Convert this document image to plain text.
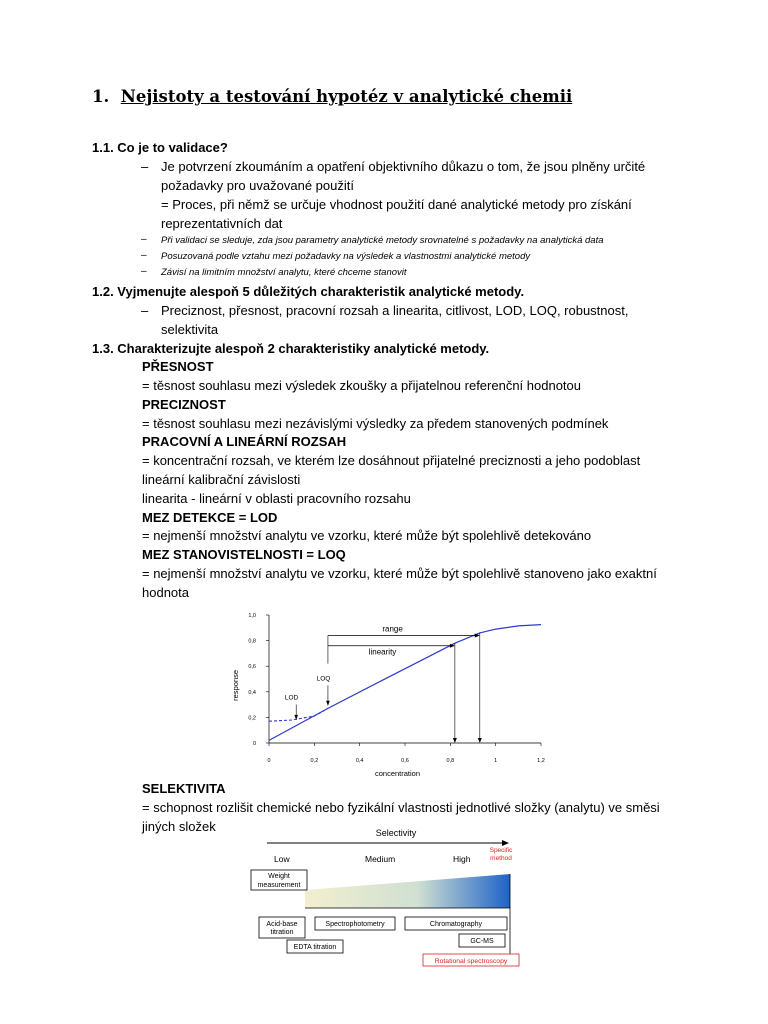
1. Nejistoty a testování hypotéz v analytické chemii
1.1. Co je to validace?
– Je potvrzení zkoumáním a opatření objektivního důkazu o tom, že jsou plněny určité
požadavky pro uvažované použití
= Proces, při němž se určuje vhodnost použití dané analytické metody pro získání
reprezentativních dat
– Při validaci se sleduje, zda jsou parametry analytické metody srovnatelné s požadavky na analytická data
– Posuzovaná podle vztahu mezi požadavky na výsledek a vlastnostmi analytické metody
– Závisí na limitním množství analytu, které chceme stanovit
1.2. Vyjmenujte alespoň 5 důležitých charakteristik analytické metody.
– Preciznost, přesnost, pracovní rozsah a linearita, citlivost, LOD, LOQ, robustnost,
selektivita
1.3. Charakterizujte alespoň 2 charakteristiky analytické metody.
PŘESNOST
= těsnost souhlasu mezi výsledek zkoušky a přijatelnou referenční hodnotou
PRECIZNOST
= těsnost souhlasu mezi nezávislými výsledky za předem stanovených podmínek
PRACOVNÍ A LINEÁRNÍ ROZSAH
= koncentrační rozsah, ve kterém lze dosáhnout přijatelné preciznosti a jeho podoblast
lineární kalibrační závislosti
linearita - lineární v oblasti pracovního rozsahu
MEZ DETEKCE = LOD
= nejmenší množství analytu ve vzorku, které může být spolehlivě detekováno
MEZ STANOVISTELNOSTI = LOQ
= nejmenší množství analytu ve vzorku, které může být spolehlivě stanoveno jako exaktní
hodnota
0	0,2	0,4	0,6	0,8	1	1,2
0
0,2
0,4
0,6
0,8
1,0
concentration
response
range
linearity
LOD
LOQ
SELEKTIVITA
= schopnost rozlišit chemické nebo fyzikální vlastnosti jednotlivé složky (analytu) ve směsi
jiných složek	Selectivity
Low	Medium	High
Specific
method
Weight
measurement
Acid-base
titration
Spectrophotometry	Chromatography
EDTA titration
GC-MS
Rotational spectroscopy
